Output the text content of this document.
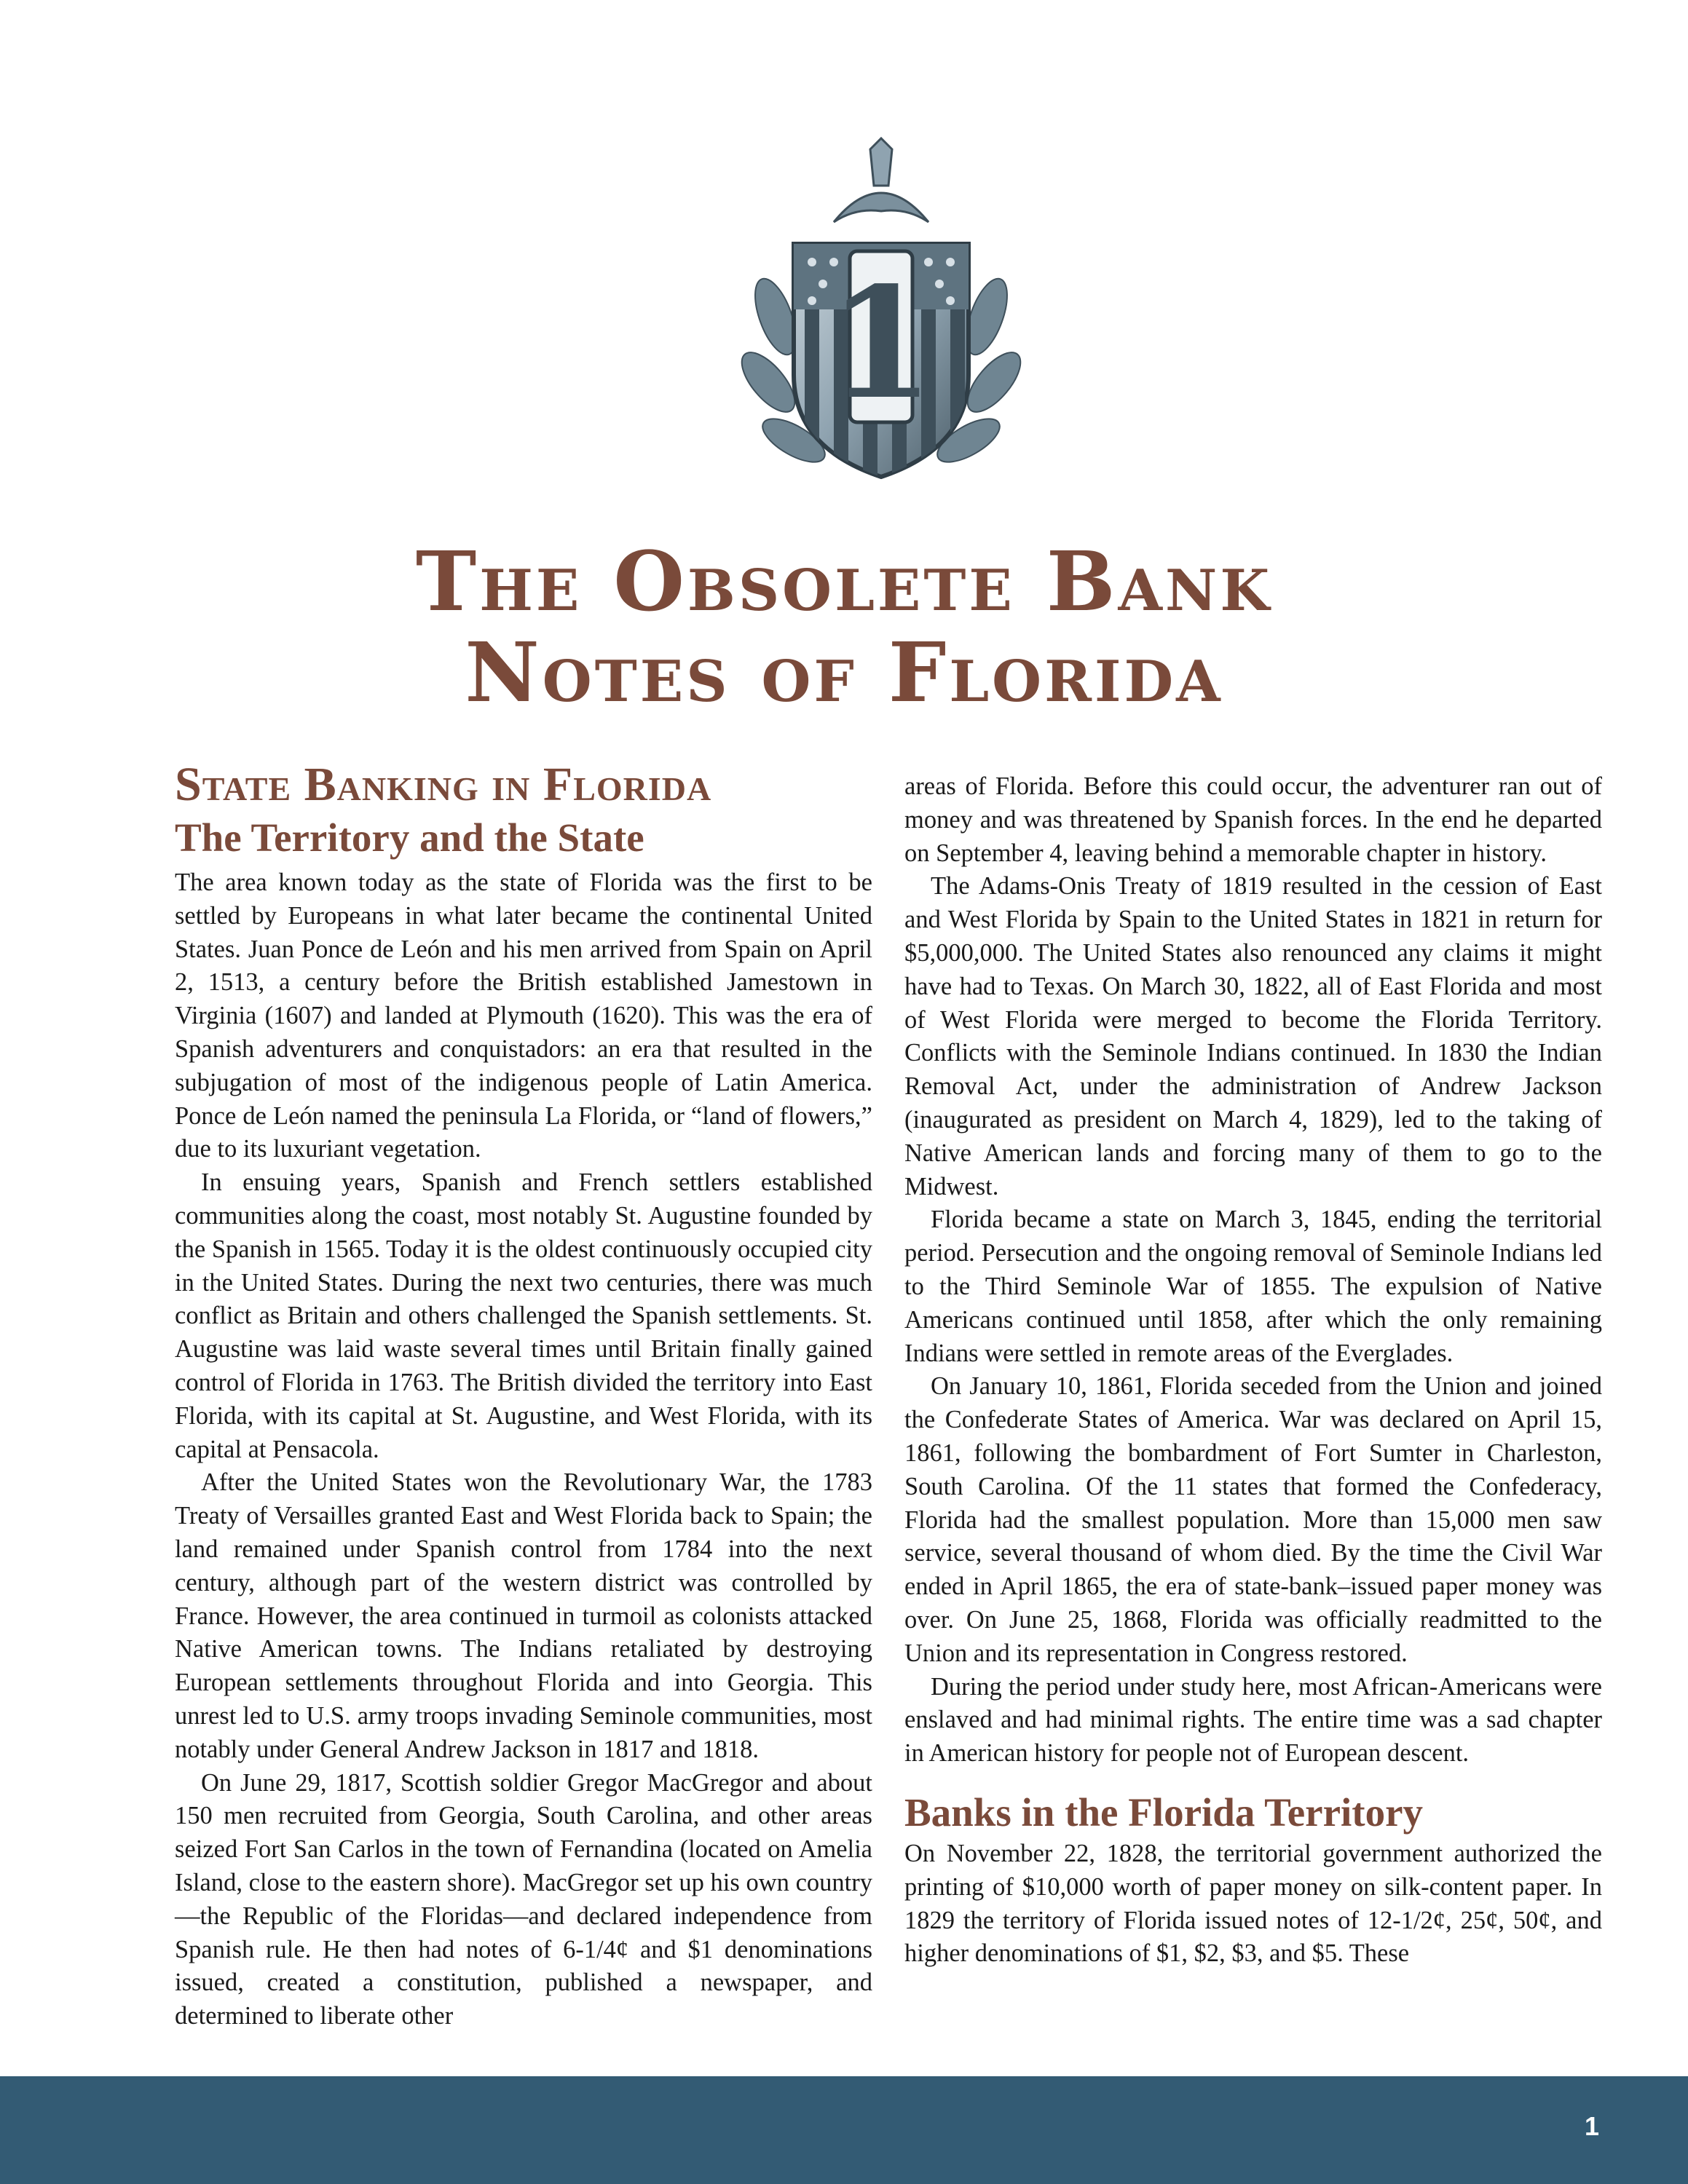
1
The Obsolete Bank
Notes of Florida
State Banking in Florida
The Territory and the State

The area known today as the state of Florida was the first to be settled by Europeans in what later became the continental United States. Juan Ponce de León and his men arrived from Spain on April 2, 1513, a century before the British established Jamestown in Virginia (1607) and landed at Plymouth (1620). This was the era of Spanish adventurers and conquistadors: an era that resulted in the subjugation of most of the indigenous people of Latin America. Ponce de León named the peninsula La Florida, or “land of flowers,” due to its luxuriant vegetation.

In ensuing years, Spanish and French settlers established communities along the coast, most notably St. Augustine founded by the Spanish in 1565. Today it is the oldest continuously occupied city in the United States. During the next two centuries, there was much conflict as Britain and others challenged the Spanish settlements. St. Augustine was laid waste several times until Britain finally gained control of Florida in 1763. The British divided the territory into East Florida, with its capital at St. Augustine, and West Florida, with its capital at Pensacola.

After the United States won the Revolutionary War, the 1783 Treaty of Versailles granted East and West Florida back to Spain; the land remained under Spanish control from 1784 into the next century, although part of the western district was controlled by France. However, the area continued in turmoil as colonists attacked Native American towns. The Indians retaliated by destroying European settlements throughout Florida and into Georgia. This unrest led to U.S. army troops invading Seminole communities, most notably under General Andrew Jackson in 1817 and 1818.

On June 29, 1817, Scottish soldier Gregor MacGregor and about 150 men recruited from Georgia, South Carolina, and other areas seized Fort San Carlos in the town of Fernandina (located on Amelia Island, close to the eastern shore). MacGregor set up his own country—the Republic of the Floridas—and declared independence from Spanish rule. He then had notes of 6-1/4¢ and $1 denominations issued, created a constitution, published a newspaper, and determined to liberate other

areas of Florida. Before this could occur, the adventurer ran out of money and was threatened by Spanish forces. In the end he departed on September 4, leaving behind a memorable chapter in history.

The Adams-Onis Treaty of 1819 resulted in the cession of East and West Florida by Spain to the United States in 1821 in return for $5,000,000. The United States also renounced any claims it might have had to Texas. On March 30, 1822, all of East Florida and most of West Florida were merged to become the Florida Territory. Conflicts with the Seminole Indians continued. In 1830 the Indian Removal Act, under the administration of Andrew Jackson (inaugurated as president on March 4, 1829), led to the taking of Native American lands and forcing many of them to go to the Midwest.

Florida became a state on March 3, 1845, ending the territorial period. Persecution and the ongoing removal of Seminole Indians led to the Third Seminole War of 1855. The expulsion of Native Americans continued until 1858, after which the only remaining Indians were settled in remote areas of the Everglades.

On January 10, 1861, Florida seceded from the Union and joined the Confederate States of America. War was declared on April 15, 1861, following the bombardment of Fort Sumter in Charleston, South Carolina. Of the 11 states that formed the Confederacy, Florida had the smallest population. More than 15,000 men saw service, several thousand of whom died. By the time the Civil War ended in April 1865, the era of state-bank–issued paper money was over. On June 25, 1868, Florida was officially readmitted to the Union and its representation in Congress restored.

During the period under study here, most African-Americans were enslaved and had minimal rights. The entire time was a sad chapter in American history for people not of European descent.

Banks in the Florida Territory

On November 22, 1828, the territorial government authorized the printing of $10,000 worth of paper money on silk-content paper. In 1829 the territory of Florida issued notes of 12-1/2¢, 25¢, 50¢, and higher denominations of $1, $2, $3, and $5. These

1
